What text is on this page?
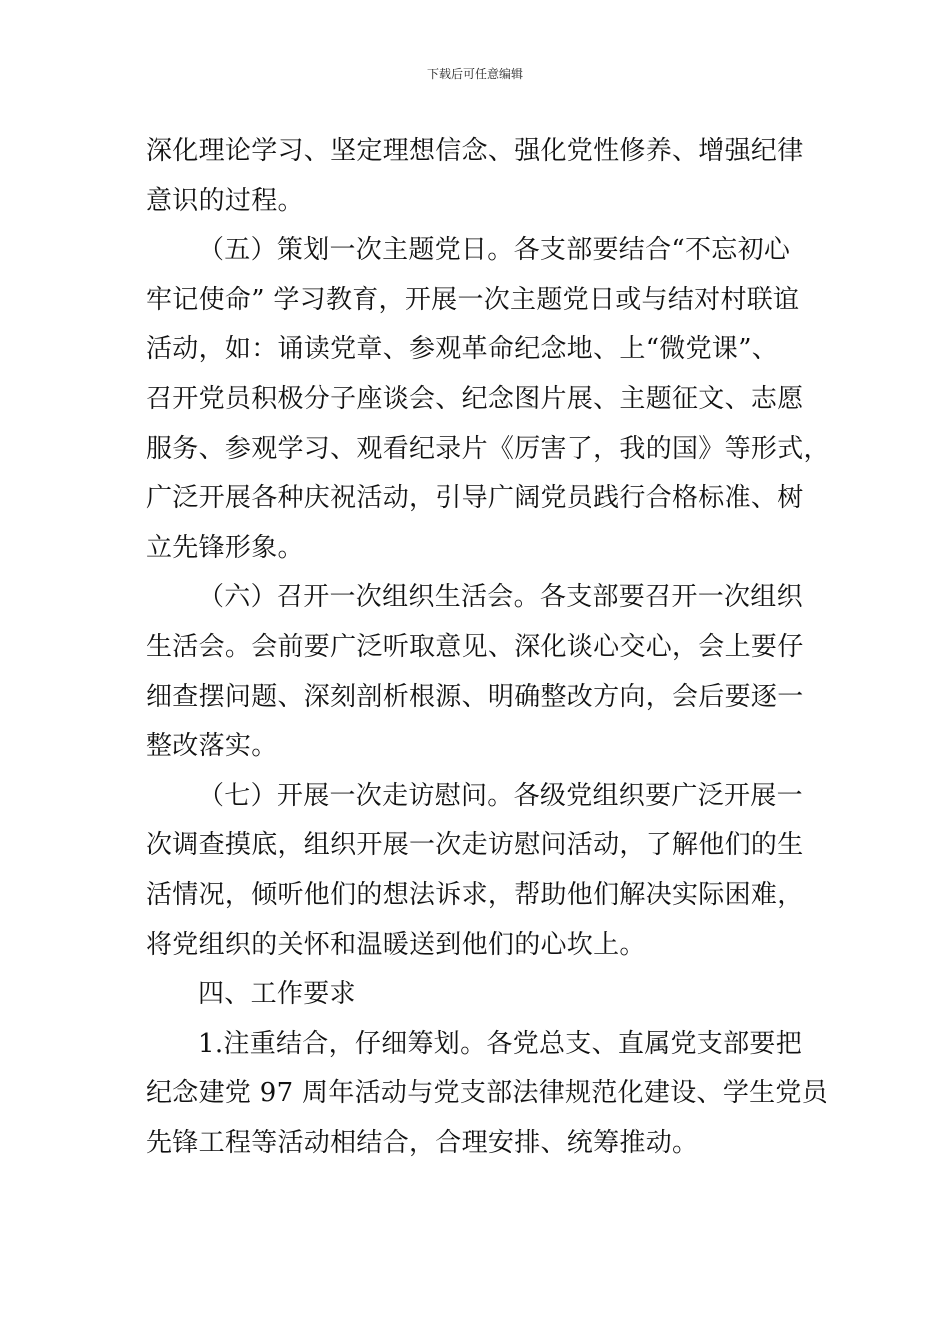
下载后可任意编辑
深化理论学习、坚定理想信念、强化党性修养、增强纪律
意识的过程。
（五）策划一次主题党日。各支部要结合“不忘初心
牢记使命” 学习教育，开展一次主题党日或与结对村联谊
活动，如：诵读党章、参观革命纪念地、上“微党课”、
召开党员积极分子座谈会、纪念图片展、主题征文、志愿
服务、参观学习、观看纪录片《厉害了，我的国》等形式，
广泛开展各种庆祝活动，引导广阔党员践行合格标准、树
立先锋形象。
（六）召开一次组织生活会。各支部要召开一次组织
生活会。会前要广泛听取意见、深化谈心交心，会上要仔
细查摆问题、深刻剖析根源、明确整改方向，会后要逐一
整改落实。
（七）开展一次走访慰问。各级党组织要广泛开展一
次调查摸底，组织开展一次走访慰问活动，了解他们的生
活情况，倾听他们的想法诉求，帮助他们解决实际困难，
将党组织的关怀和温暖送到他们的心坎上。
四、工作要求
1.注重结合，仔细筹划。各党总支、直属党支部要把
纪念建党 97 周年活动与党支部法律规范化建设、学生党员
先锋工程等活动相结合，合理安排、统筹推动。
